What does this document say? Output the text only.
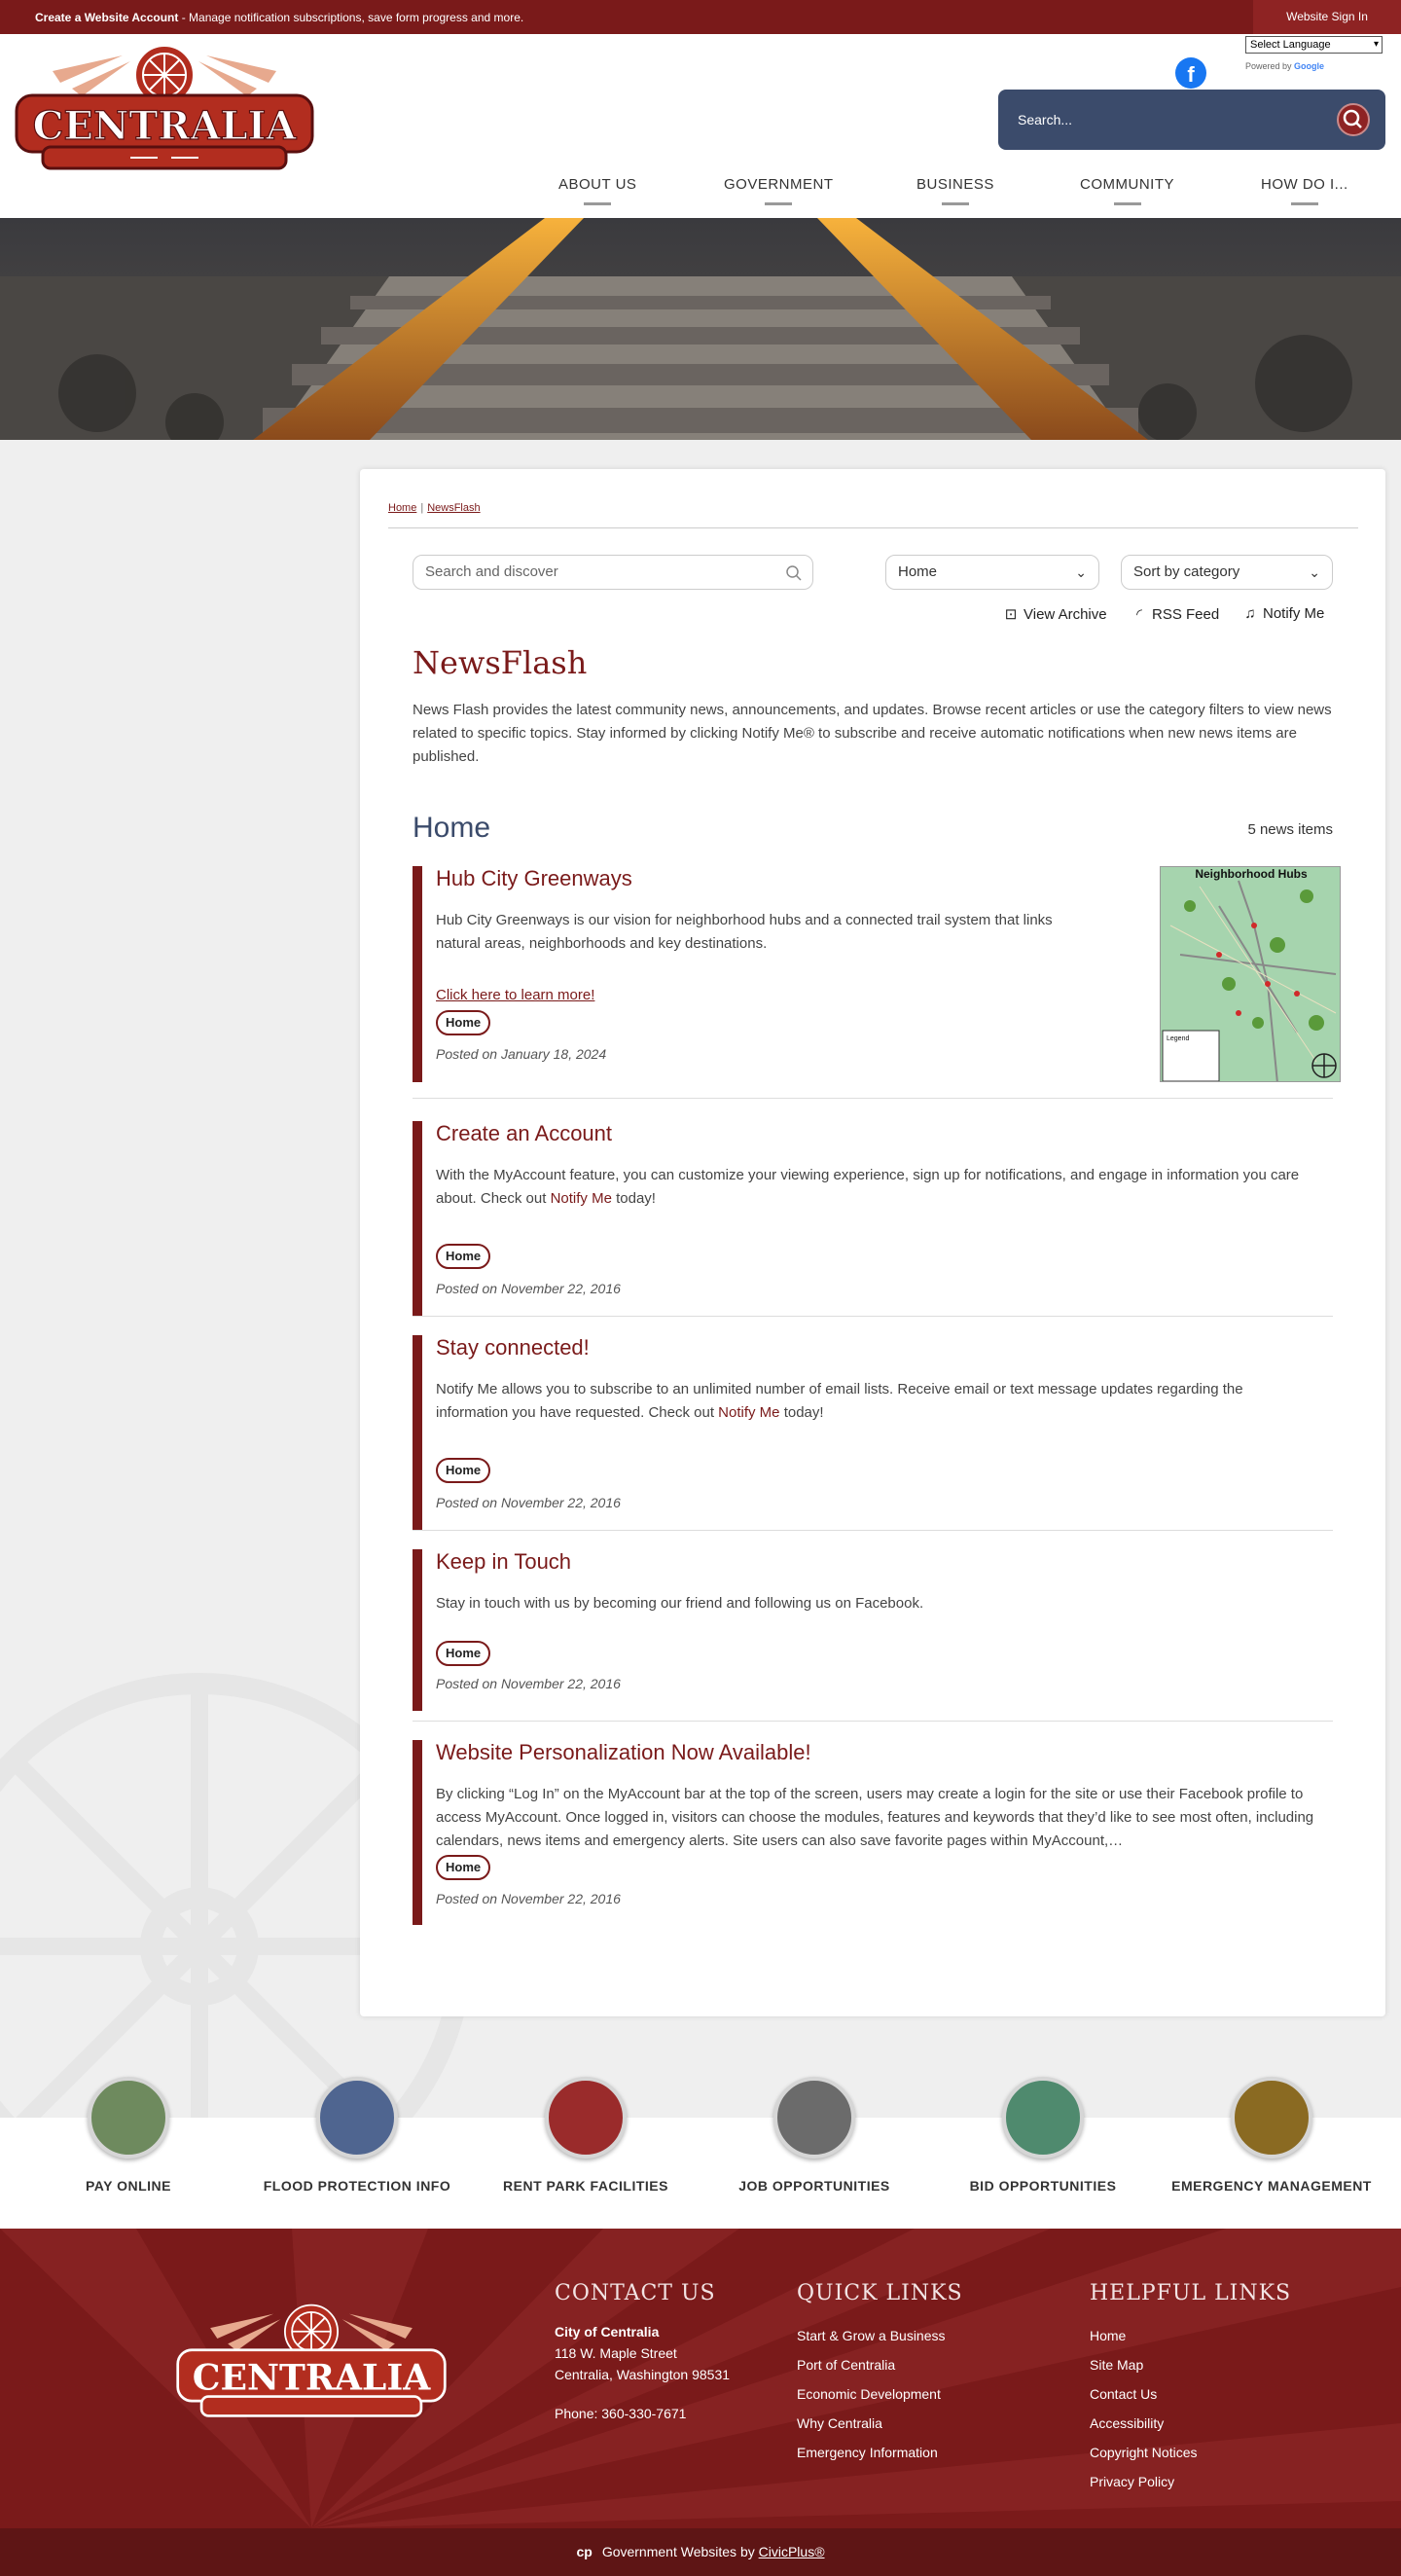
Create a Website Account - Manage notification subscriptions, save form progress and more.	Website Sign In
CENTRALIA
Select Language ▾
Powered by Google
f
Search...
ABOUT US	GOVERNMENT	BUSINESS	COMMUNITY	HOW DO I...
Home | NewsFlash
Search and discover	Home	⌄	Sort by category	⌄
⊡ View Archive	◜ RSS Feed ♫ Notify Me
NewsFlash
News Flash provides the latest community news, announcements, and updates. Browse recent articles or use the category filters to view news related to specific topics. Stay informed by clicking Notify Me® to subscribe and receive automatic notifications when new news items are published.
Home	5 news items
Hub City Greenways
Hub City Greenways is our vision for neighborhood hubs and a connected trail system that links natural areas, neighborhoods and key destinations.
Click here to learn more!
Home
Posted on January 18, 2024
Neighborhood Hubs
Legend
Create an Account
With the MyAccount feature, you can customize your viewing experience, sign up for notifications, and engage in information you care about. Check out Notify Me today!
Home
Posted on November 22, 2016
Stay connected!
Notify Me allows you to subscribe to an unlimited number of email lists. Receive email or text message updates regarding the information you have requested. Check out Notify Me today!
Home
Posted on November 22, 2016
Keep in Touch
Stay in touch with us by becoming our friend and following us on Facebook.
Home
Posted on November 22, 2016
Website Personalization Now Available!
By clicking “Log In” on the MyAccount bar at the top of the screen, users may create a login for the site or use their Facebook profile to access MyAccount. Once logged in, visitors can choose the modules, features and keywords that they’d like to see most often, including calendars, news items and emergency alerts. Site users can also save favorite pages within MyAccount,…
Home
Posted on November 22, 2016
PAY ONLINE	FLOOD PROTECTION INFO	RENT PARK FACILITIES	JOB OPPORTUNITIES	BID OPPORTUNITIES	EMERGENCY MANAGEMENT
CENTRALIA
CONTACT US
City of Centralia
118 W. Maple Street
Centralia, Washington 98531
Phone: 360-330-7671
QUICK LINKS
Start & Grow a Business
Port of Centralia
Economic Development
Why Centralia
Emergency Information
HELPFUL LINKS
Home
Site Map
Contact Us
Accessibility
Copyright Notices
Privacy Policy
cp Government Websites by CivicPlus®
